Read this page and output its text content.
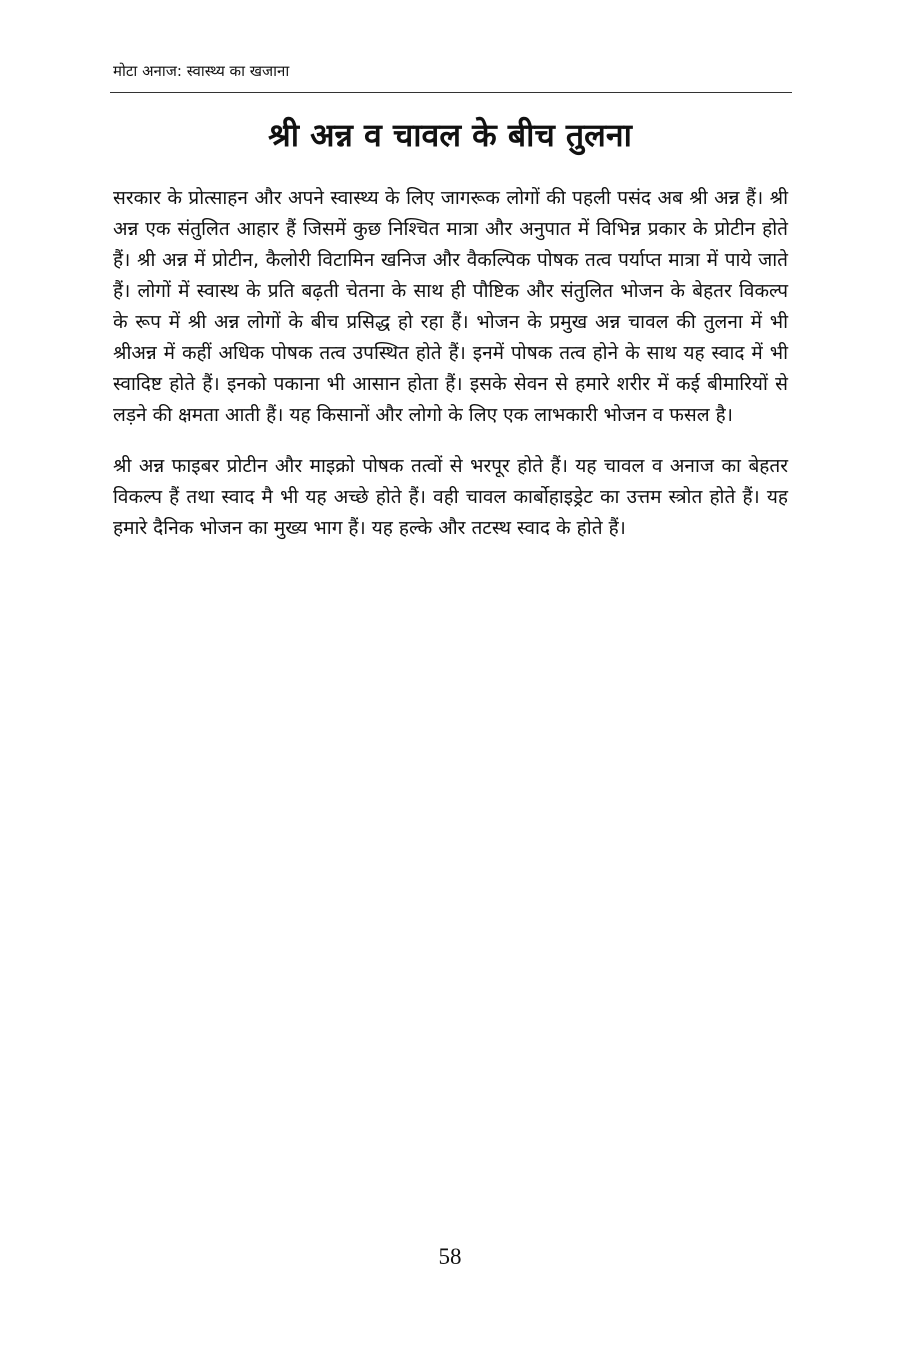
मोटा अनाज: स्वास्थ्य का खजाना
श्री अन्न व चावल के बीच तुलना

सरकार के प्रोत्साहन और अपने स्वास्थ्य के लिए जागरूक लोगों की पहली पसंद अब श्री अन्न हैं। श्री अन्न एक संतुलित आहार हैं जिसमें कुछ निश्चित मात्रा और अनुपात में विभिन्न प्रकार के प्रोटीन होते हैं। श्री अन्न में प्रोटीन, कैलोरी विटामिन खनिज और वैकल्पिक पोषक तत्व पर्याप्त मात्रा में पाये जाते हैं। लोगों में स्वास्थ के प्रति बढ़ती चेतना के साथ ही पौष्टिक और संतुलित भोजन के बेहतर विकल्प के रूप में श्री अन्न लोगों के बीच प्रसिद्ध हो रहा हैं। भोजन के प्रमुख अन्न चावल की तुलना में भी श्रीअन्न में कहीं अधिक पोषक तत्व उपस्थित होते हैं। इनमें पोषक तत्व होने के साथ यह स्वाद में भी स्वादिष्ट होते हैं। इनको पकाना भी आसान होता हैं। इसके सेवन से हमारे शरीर में कई बीमारियों से लड़ने की क्षमता आती हैं। यह किसानों और लोगो के लिए एक लाभकारी भोजन व फसल है।

श्री अन्न फाइबर प्रोटीन और माइक्रो पोषक तत्वों से भरपूर होते हैं। यह चावल व अनाज का बेहतर विकल्प हैं तथा स्वाद मै भी यह अच्छे होते हैं। वही चावल कार्बोहाइड्रेट का उत्तम स्त्रोत होते हैं। यह हमारे दैनिक भोजन का मुख्य भाग हैं। यह हल्के और तटस्थ स्वाद के होते हैं।

58
